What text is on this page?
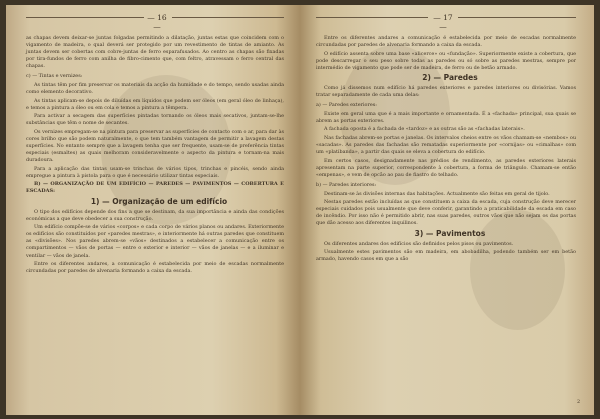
— 16 —

as chapas devem deixar-se juntas folgadas permitindo a dilatação, juntas estas que coincidem com o vigamento de madeira, o qual deverá ser protegido por um revestimento de tintas de amianto. As juntas devem ser cobertas com cobre-juntas de ferro esparafusados. Ao centro as chapas são fixadas por tira-fundos de ferro com anilha de fibro-cimento que, com feltro, atravessam o ferro central das chapas.

c) — Tintas e vernizes:

As tintas têm por fim preservar os materiais da acção da humidade e do tempo, sendo usadas ainda como elemento decorativo.

As tintas aplicam-se depois de diluídas em líquidos que podem ser óleos (em geral óleo de linhaça), e temos a pintura a óleo ou em cola e temos a pintura a têmpera.

Para activar a secagem das superfícies pintadas tornando os óleos mais secativos, juntam-se-lhe substâncias que têm o nome de secantes.

Os vernizes empregam-se na pintura para preservar as superfícies de contacto com o ar, para dar às cores brilho que são podem naturalmente, o que tem também vantagem de permitir a lavagem destas superfícies. No entanto sempre que a lavagem tenha que ser frequente, usam-se de preferência tintas especiais (esmaltes) as quais melhoram consideravelmente o aspecto da pintura e tornam-na mais duradoura.

Para a aplicação das tintas usam-se trinchas de vários tipos, trinchas e pincéis, sendo ainda empregue a pintura à pistola para o que é necessário utilizar tintas especiais.

B) — ORGANIZAÇÃO DE UM EDIFÍCIO — PAREDES — PAVIMENTOS — COBERTURA E ESCADAS:

1) — Organização de um edifício

O tipo dos edifícios depende dos fins a que se destinam, da sua importância e ainda das condições económicas a que deve obedecer a sua construção.

Um edifício compõe-se de vários «corpos» e cada corpo de vários planos ou andares. Exteriormente os edifícios são constituídos por «paredes mestras», e interiormente há outras paredes que constituem as «divisões». Nos paredes abrem-se «vãos» destinados a estabelecer a comunicação entre os compartimentos — vãos de portas — entre o exterior e interior — vãos de janelas — e a iluminar e ventilar — vãos de janela.

Entre os diferentes andares, a comunicação é estabelecida por meio de escadas normalmente circundadas por paredes de alvenaria formando a caixa da escada.

— 17 —

Entre os diferentes andares a comunicação é estabelecida por meio de escadas normalmente circundadas por paredes de alvenaria formando a caixa da escada.

O edifício assenta sobre uma base «alicerce» ou «fundação». Superiormente existe a cobertura, que pode descarregar o seu peso sobre todas as paredes ou só sobre as paredes mestras, sempre por intermédio de vigamento que pode ser de madeira, de ferro ou de betão armado.

2) — Paredes

Como já dissemos num edifício há paredes exteriores e paredes interiores ou divisórias. Vamos tratar separadamente de cada uma delas:

a) — Paredes exteriores:

Existe em geral uma que é a mais importante e ornamentada. É a «fachada» principal, sua quais se abrem as portas exteriores.

A fachada oposta é a fachada de «tardoz» e as outras são as «fachadas laterais».

Nas fachadas abrem-se portas e janelas. Os intervalos cheios entre os vãos chamam-se «nembos» ou «sacadas». As paredes das fachadas são rematadas superiormente por «cornijas» ou «cimalhas» com um «platibanda», a partir das quais se eleva a cobertura do edifício.

Em certos casos, designadamente nas prédios de rendimento, as paredes exteriores laterais apresentam na parte superior, correspondente à cobertura, a forma de triângulo. Chamam-se então «empenas», e vem de opcão ao pau de fiastro do telhado.

b) — Paredes interiores:

Destinam-se às divisões internas das habitações. Actualmente são feitas em geral de tijolo.

Nestas paredes estão incluídas as que constituem a caixa da escada, cuja construção deve merecer especiais cuidados pois usualmente que deve conferir, garantindo a praticabilidade da escada em caso de incêndio. Por isso não é permitido abrir, nas suas paredes, outros vãos que não sejam os das portas que dão acesso aos diferentes inquilinos.

3) — Pavimentos

Os diferentes andares dos edifícios são definidos pelos pisos ou pavimentos.

Usualmente estes pavimentos são em madeira, em abobadilha, podendo também ser em betão armado, havendo casos em que a são

2
